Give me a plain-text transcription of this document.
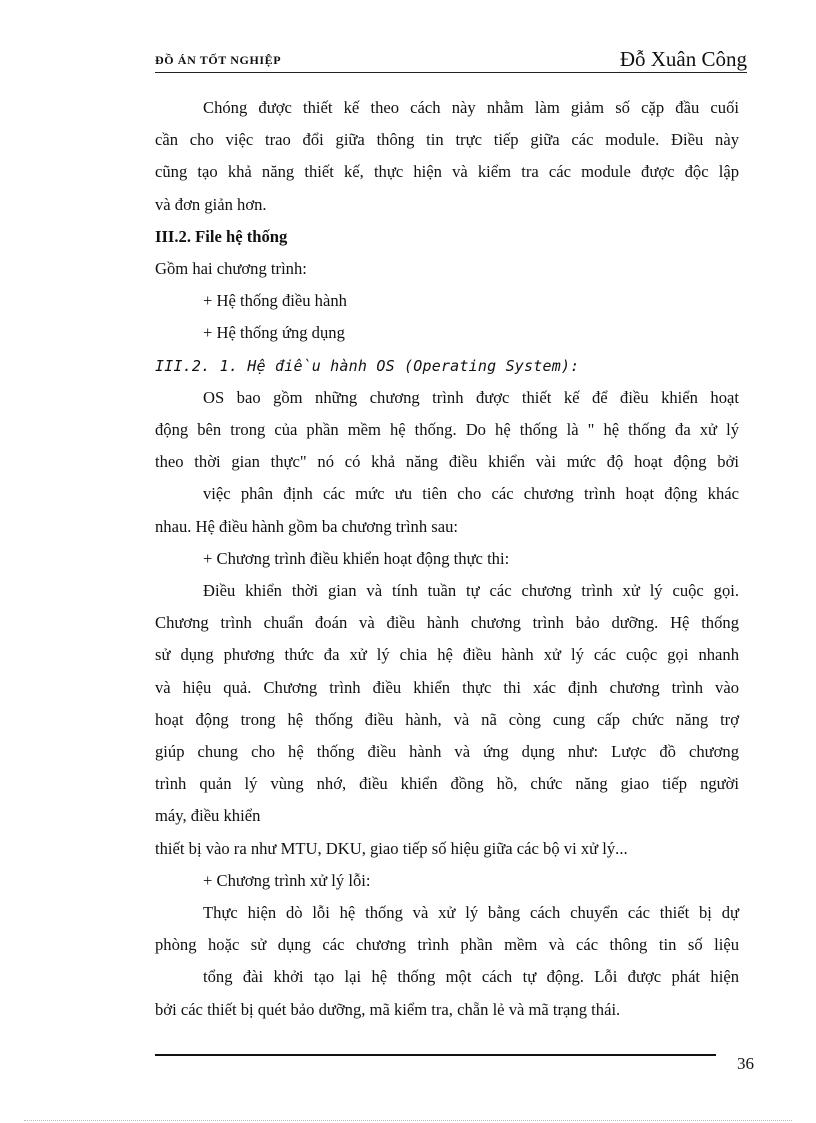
ĐỒ ÁN TỐT NGHIỆP	Đỗ Xuân Công

Chóng được thiết kế theo cách này nhằm làm giảm số cặp đầu cuối

cần cho việc trao đổi giữa thông tin trực tiếp giữa các module. Điều này

cũng tạo khả năng thiết kế, thực hiện và kiểm tra các module được độc lập

và đơn giản hơn.

III.2. File hệ thống

Gồm hai chương trình:

+ Hệ thống điều hành

+ Hệ thống ứng dụng

III.2. 1. Hệ điều hành OS (Operating System):

OS bao gồm những chương trình được thiết kế để điều khiển hoạt

động bên trong của phần mềm hệ thống. Do hệ thống là " hệ thống đa xử lý

theo thời gian thực" nó có khả năng điều khiển vài mức độ hoạt động bởi

việc phân định các mức ưu tiên cho các chương trình hoạt động khác

nhau. Hệ điều hành gồm ba chương trình sau:

+ Chương trình điều khiển hoạt động thực thi:

Điều khiển thời gian và tính tuần tự các chương trình xử lý cuộc gọi.

Chương trình chuẩn đoán và điều hành chương trình bảo dưỡng. Hệ thống

sử dụng phương thức đa xử lý chia hệ điều hành xử lý các cuộc gọi nhanh

và hiệu quả. Chương trình điều khiển thực thi xác định chương trình vào

hoạt động trong hệ thống điều hành, và nã còng cung cấp chức năng trợ

giúp chung cho hệ thống điều hành và ứng dụng như: Lược đồ chương

trình quản lý vùng nhớ, điều khiển đồng hồ, chức năng giao tiếp người

máy, điều khiển

thiết bị vào ra như MTU, DKU, giao tiếp số hiệu giữa các bộ vi xử lý...

+ Chương trình xử lý lỗi:

Thực hiện dò lỗi hệ thống và xử lý bằng cách chuyển các thiết bị dự

phòng hoặc sử dụng các chương trình phần mềm và các thông tin số liệu

tổng đài khởi tạo lại hệ thống một cách tự động. Lỗi được phát hiện

bởi các thiết bị quét bảo dưỡng, mã kiểm tra, chẵn lẻ và mã trạng thái.

36
